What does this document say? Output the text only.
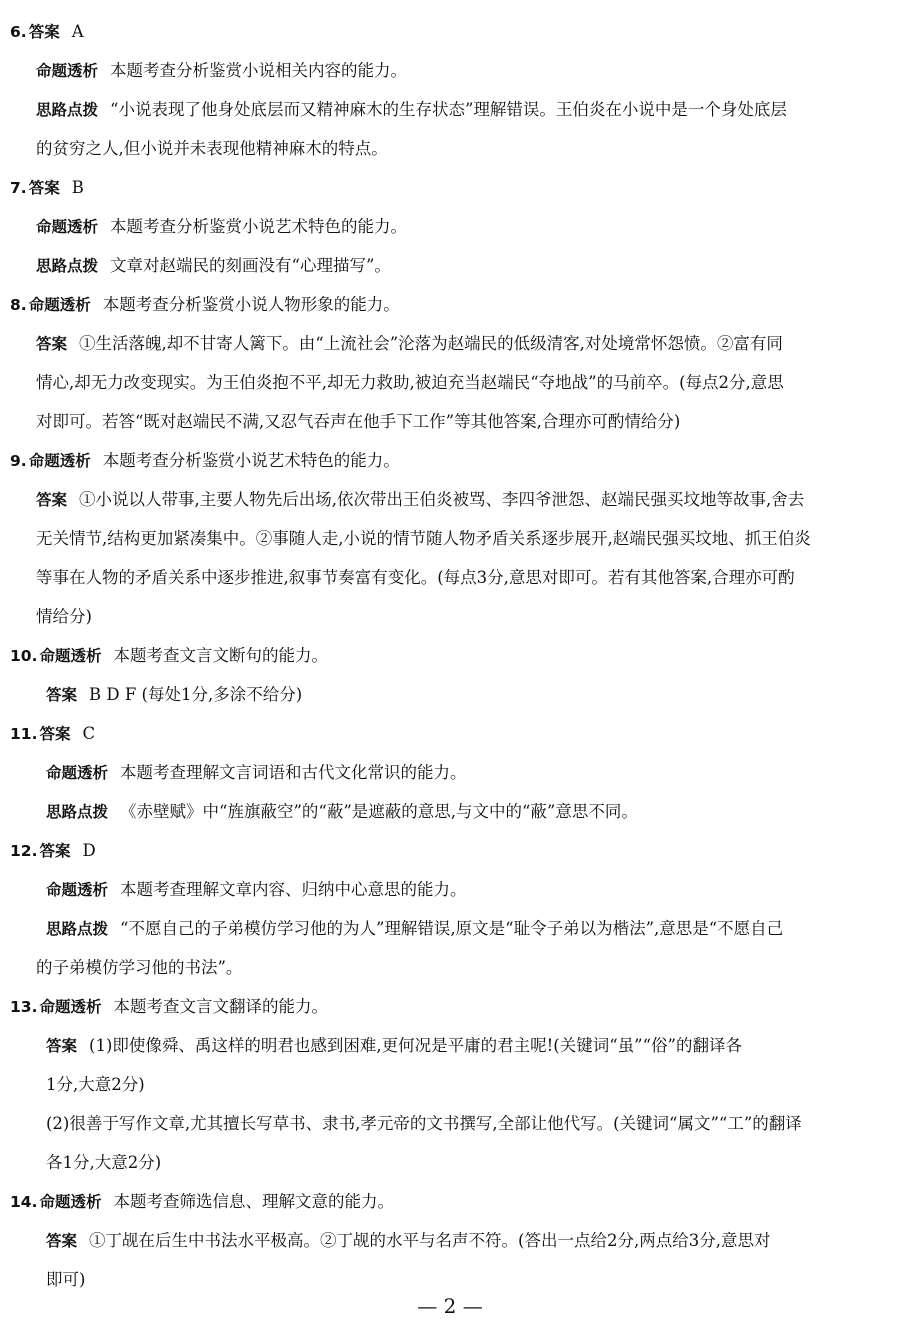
6. 答案 A
命题透析 本题考查分析鉴赏小说相关内容的能力。
思路点拨 “小说表现了他身处底层而又精神麻木的生存状态”理解错误。王伯炎在小说中是一个身处底层
的贫穷之人,但小说并未表现他精神麻木的特点。
7. 答案 B
命题透析 本题考查分析鉴赏小说艺术特色的能力。
思路点拨 文章对赵端民的刻画没有“心理描写”。
8. 命题透析 本题考查分析鉴赏小说人物形象的能力。
答案 ①生活落魄,却不甘寄人篱下。由“上流社会”沦落为赵端民的低级清客,对处境常怀怨愤。②富有同
情心,却无力改变现实。为王伯炎抱不平,却无力救助,被迫充当赵端民“夺地战”的马前卒。(每点2分,意思
对即可。若答“既对赵端民不满,又忍气吞声在他手下工作”等其他答案,合理亦可酌情给分)
9. 命题透析 本题考查分析鉴赏小说艺术特色的能力。
答案 ①小说以人带事,主要人物先后出场,依次带出王伯炎被骂、李四爷泄怨、赵端民强买坟地等故事,舍去
无关情节,结构更加紧凑集中。②事随人走,小说的情节随人物矛盾关系逐步展开,赵端民强买坟地、抓王伯炎
等事在人物的矛盾关系中逐步推进,叙事节奏富有变化。(每点3分,意思对即可。若有其他答案,合理亦可酌
情给分)
10. 命题透析 本题考查文言文断句的能力。
答案 B D F (每处1分,多涂不给分)
11. 答案 C
命题透析 本题考查理解文言词语和古代文化常识的能力。
思路点拨 《赤壁赋》中“旌旗蔽空”的“蔽”是遮蔽的意思,与文中的“蔽”意思不同。
12. 答案 D
命题透析 本题考查理解文章内容、归纳中心意思的能力。
思路点拨 “不愿自己的子弟模仿学习他的为人”理解错误,原文是“耻令子弟以为楷法”,意思是“不愿自己
的子弟模仿学习他的书法”。
13. 命题透析 本题考查文言文翻译的能力。
答案 (1)即使像舜、禹这样的明君也感到困难,更何况是平庸的君主呢!(关键词“虽”“俗”的翻译各
1分,大意2分)
(2)很善于写作文章,尤其擅长写草书、隶书,孝元帝的文书撰写,全部让他代写。(关键词“属文”“工”的翻译
各1分,大意2分)
14. 命题透析 本题考查筛选信息、理解文意的能力。
答案 ①丁觇在后生中书法水平极高。②丁觇的水平与名声不符。(答出一点给2分,两点给3分,意思对
即可)
— 2 —
